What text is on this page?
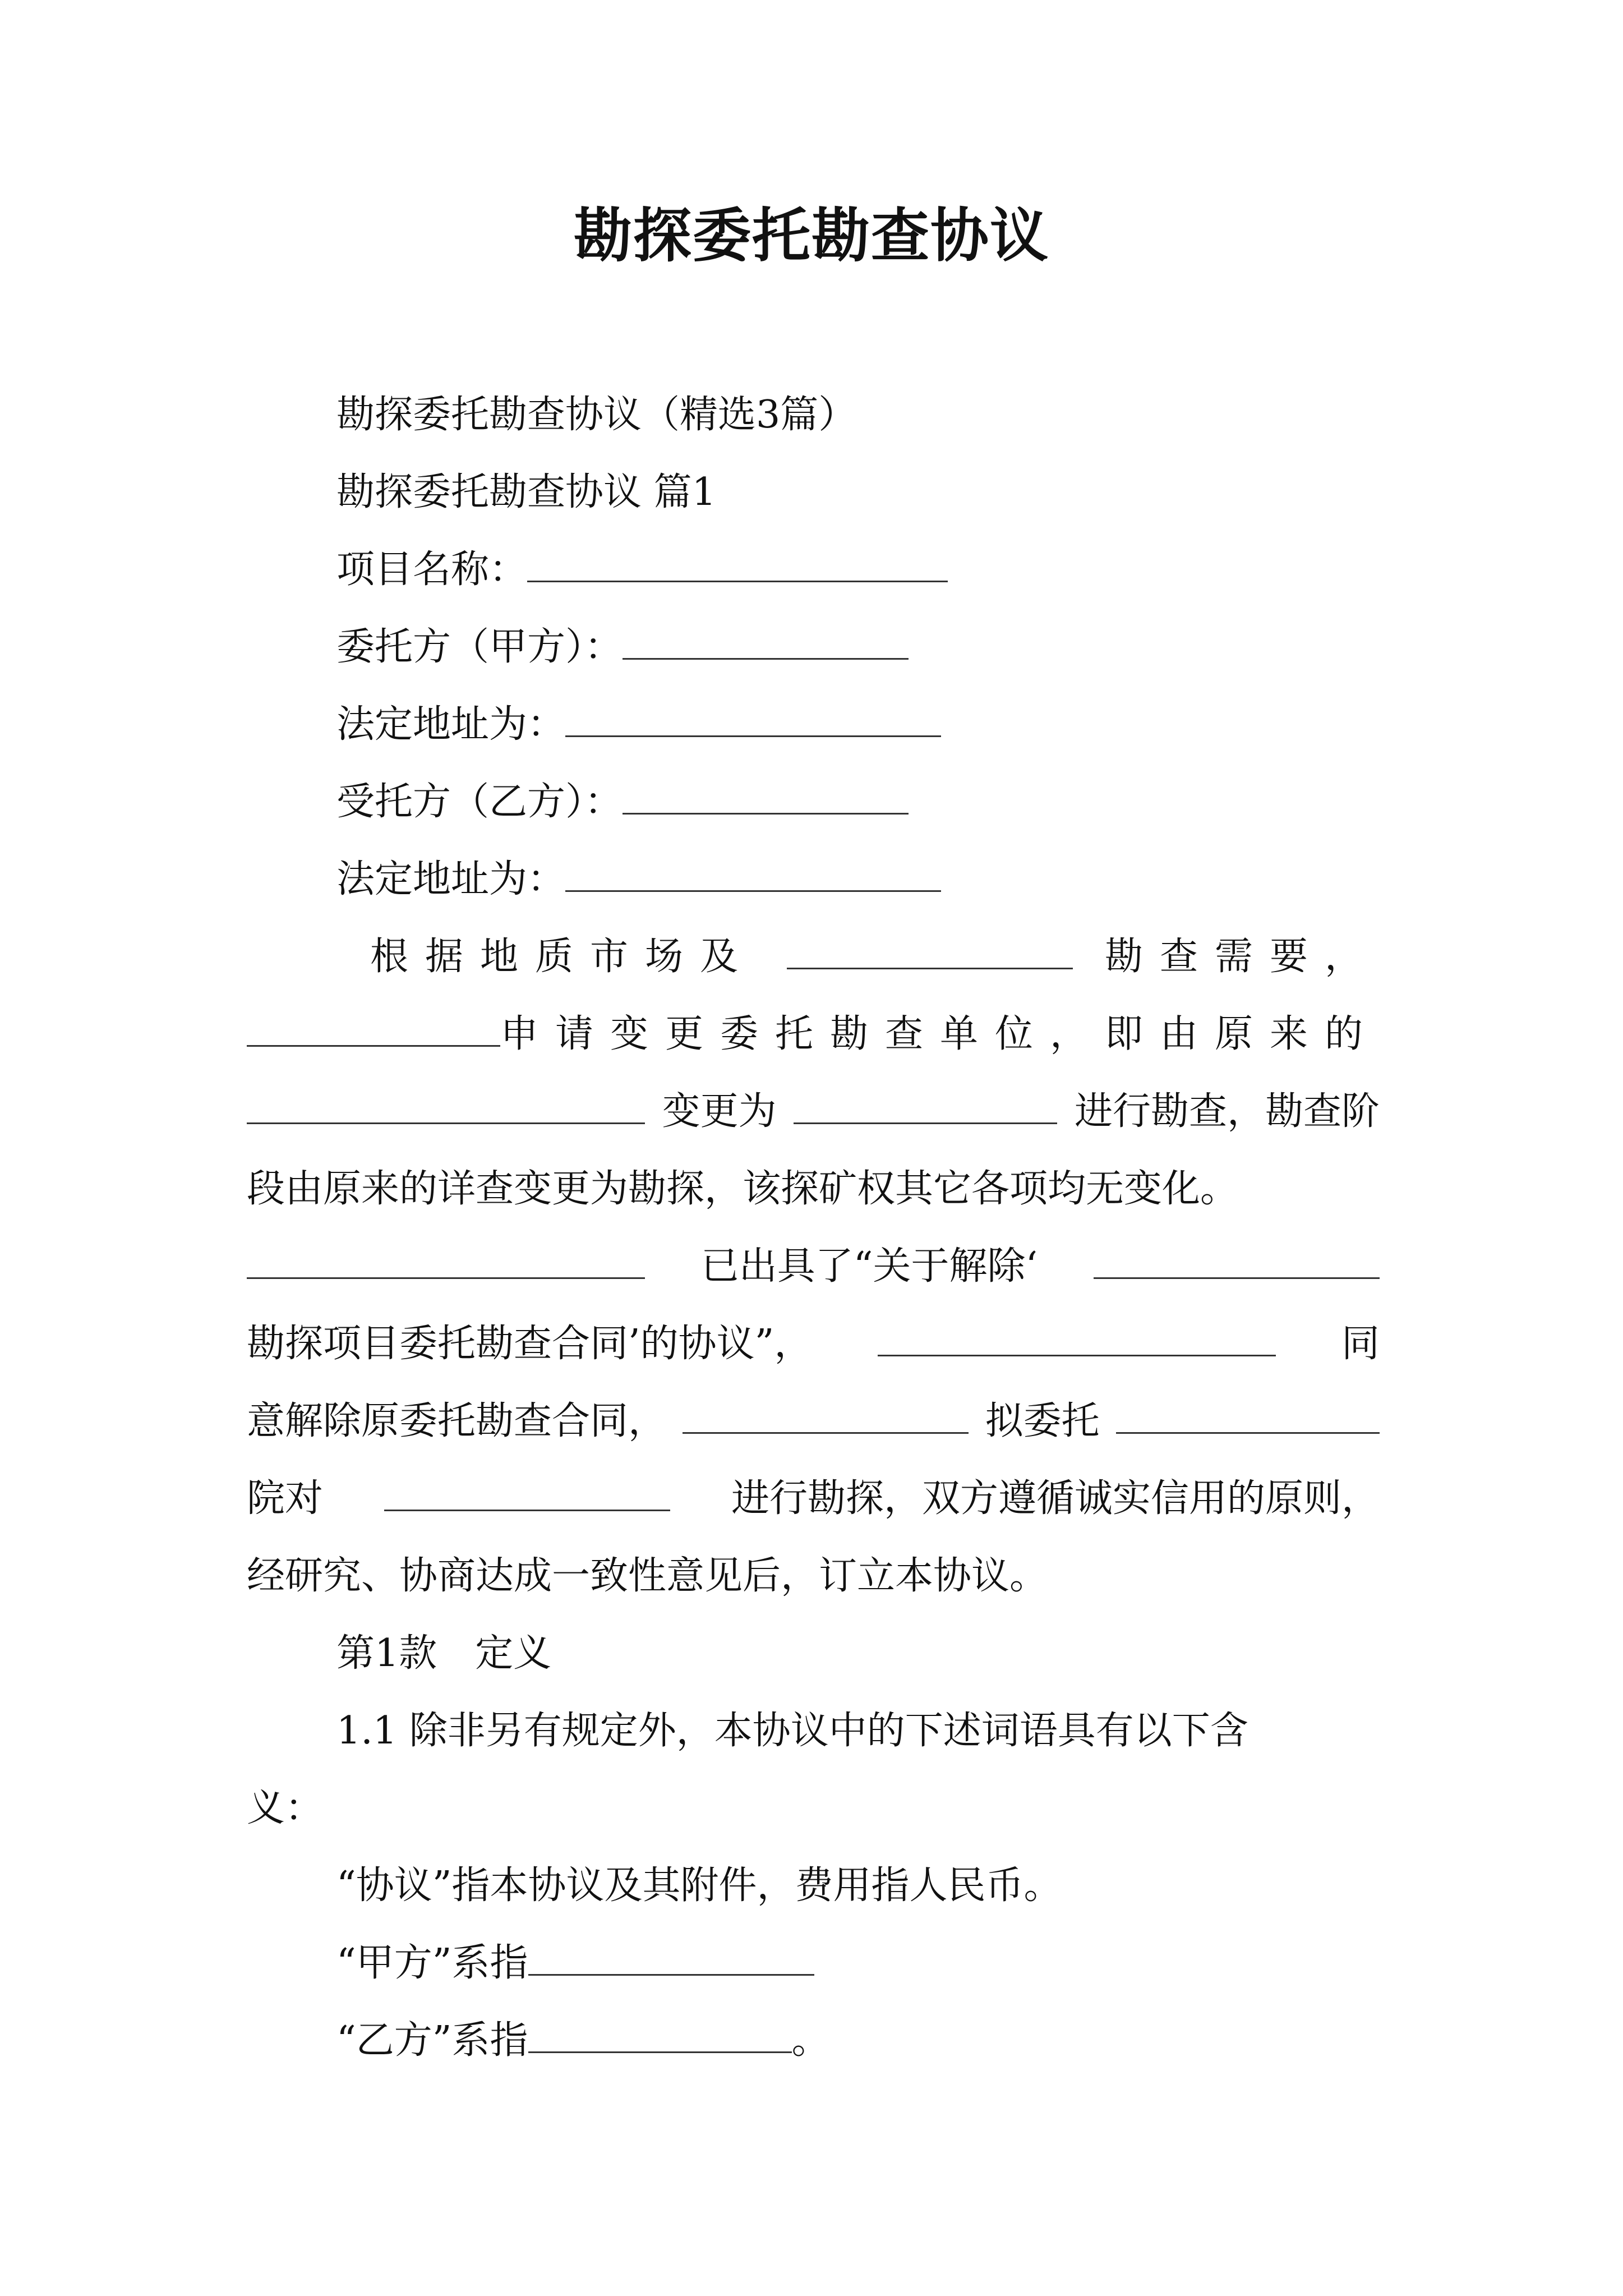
勘探委托勘查协议
勘探委托勘查协议（精选3篇）
勘探委托勘查协议 篇1
项目名称：
委托方（甲方）：
法定地址为：
受托方（乙方）：
法定地址为：
根据地质市场及	勘查需要，
申请变更委托勘查单位，即由原来的
变更为	进行勘查，勘查阶
段由原来的详查变更为勘探，该探矿权其它各项均无变化。
已出具了“关于解除‘
勘探项目委托勘查合同’的协议”，	同
意解除原委托勘查合同，	拟委托
院对	进行勘探，双方遵循诚实信用的原则，
经研究、协商达成一致性意见后，订立本协议。
第1款　定义
1.1 除非另有规定外，本协议中的下述词语具有以下含
义：
“协议”指本协议及其附件，费用指人民币。
“甲方”系指
“乙方”系指	。
